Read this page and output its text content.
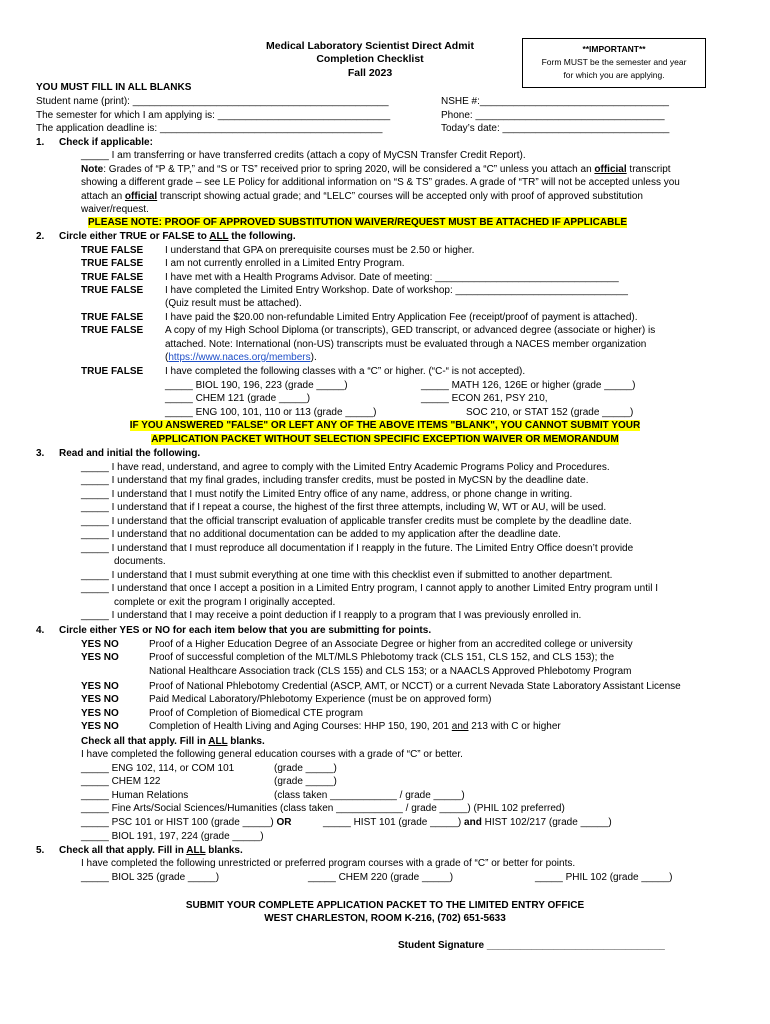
Medical Laboratory Scientist Direct Admit
Completion Checklist
Fall 2023
**IMPORTANT**
Form MUST be the semester and year
for which you are applying.
YOU MUST FILL IN ALL BLANKS
Student name (print): ______________________________________________	NSHE #:__________________________________
The semester for which I am applying is: _______________________________	Phone: __________________________________
The application deadline is: ________________________________________	Today’s date: ______________________________
1. Check if applicable:
_____ I am transferring or have transferred credits (attach a copy of MyCSN Transfer Credit Report).
Note: Grades of “P & TP,” and “S or TS” received prior to spring 2020, will be considered a “C” unless you attach an official transcript
showing a different grade – see LE Policy for additional information on “S & TS” grades. A grade of “TR” will not be accepted unless you
attach an official transcript showing actual grade; and “LELC” courses will be accepted only with proof of approved substitution
waiver/request.
PLEASE NOTE: PROOF OF APPROVED SUBSTITUTION WAIVER/REQUEST MUST BE ATTACHED IF APPLICABLE
2. Circle either TRUE or FALSE to ALL the following.
TRUE FALSE I understand that GPA on prerequisite courses must be 2.50 or higher.
TRUE FALSE I am not currently enrolled in a Limited Entry Program.
TRUE FALSE I have met with a Health Programs Advisor. Date of meeting: _________________________________
TRUE FALSE I have completed the Limited Entry Workshop. Date of workshop: _______________________________
(Quiz result must be attached).
TRUE FALSE I have paid the $20.00 non-refundable Limited Entry Application Fee (receipt/proof of payment is attached).
TRUE FALSE A copy of my High School Diploma (or transcripts), GED transcript, or advanced degree (associate or higher) is
attached. Note: International (non-US) transcripts must be evaluated through a NACES member organization
(https://www.naces.org/members).
TRUE FALSE I have completed the following classes with a “C” or higher. (“C-“ is not accepted).
_____ BIOL 190, 196, 223 (grade _____)	_____ MATH 126, 126E or higher (grade _____)
_____ CHEM 121 (grade _____)	_____ ECON 261, PSY 210,
_____ ENG 100, 101, 110 or 113 (grade _____)	SOC 210, or STAT 152 (grade _____)
IF YOU ANSWERED "FALSE" OR LEFT ANY OF THE ABOVE ITEMS "BLANK", YOU CANNOT SUBMIT YOUR
APPLICATION PACKET WITHOUT SELECTION SPECIFIC EXCEPTION WAIVER OR MEMORANDUM
3. Read and initial the following.
_____ I have read, understand, and agree to comply with the Limited Entry Academic Programs Policy and Procedures.
_____ I understand that my final grades, including transfer credits, must be posted in MyCSN by the deadline date.
_____ I understand that I must notify the Limited Entry office of any name, address, or phone change in writing.
_____ I understand that if I repeat a course, the highest of the first three attempts, including W, WT or AU, will be used.
_____ I understand that the official transcript evaluation of applicable transfer credits must be complete by the deadline date.
_____ I understand that no additional documentation can be added to my application after the deadline date.
_____ I understand that I must reproduce all documentation if I reapply in the future. The Limited Entry Office doesn’t provide
documents.
_____ I understand that I must submit everything at one time with this checklist even if submitted to another department.
_____ I understand that once I accept a position in a Limited Entry program, I cannot apply to another Limited Entry program until I
complete or exit the program I originally accepted.
_____ I understand that I may receive a point deduction if I reapply to a program that I was previously enrolled in.
4. Circle either YES or NO for each item below that you are submitting for points.
YES NO	Proof of a Higher Education Degree of an Associate Degree or higher from an accredited college or university
YES NO	Proof of successful completion of the MLT/MLS Phlebotomy track (CLS 151, CLS 152, and CLS 153); the
National Healthcare Association track (CLS 155) and CLS 153; or a NAACLS Approved Phlebotomy Program
YES NO	Proof of National Phlebotomy Credential (ASCP, AMT, or NCCT) or a current Nevada State Laboratory Assistant License
YES NO	Paid Medical Laboratory/Phlebotomy Experience (must be on approved form)
YES NO	Proof of Completion of Biomedical CTE program
YES NO	Completion of Health Living and Aging Courses: HHP 150, 190, 201 and 213 with C or higher
Check all that apply. Fill in ALL blanks.
I have completed the following general education courses with a grade of “C” or better.
_____ ENG 102, 114, or COM 101	(grade _____)
_____ CHEM 122	(grade _____)
_____ Human Relations	(class taken ____________ / grade _____)
_____ Fine Arts/Social Sciences/Humanities (class taken ____________ / grade _____) (PHIL 102 preferred)
_____ PSC 101 or HIST 100 (grade _____) OR	_____ HIST 101 (grade _____) and HIST 102/217 (grade _____)
_____ BIOL 191, 197, 224 (grade _____)
5. Check all that apply. Fill in ALL blanks.
I have completed the following unrestricted or preferred program courses with a grade of “C” or better for points.
_____ BIOL 325 (grade _____)	_____ CHEM 220 (grade _____)	_____ PHIL 102 (grade _____)
SUBMIT YOUR COMPLETE APPLICATION PACKET TO THE LIMITED ENTRY OFFICE
WEST CHARLESTON, ROOM K-216, (702) 651-5633
Student Signature ________________________________
